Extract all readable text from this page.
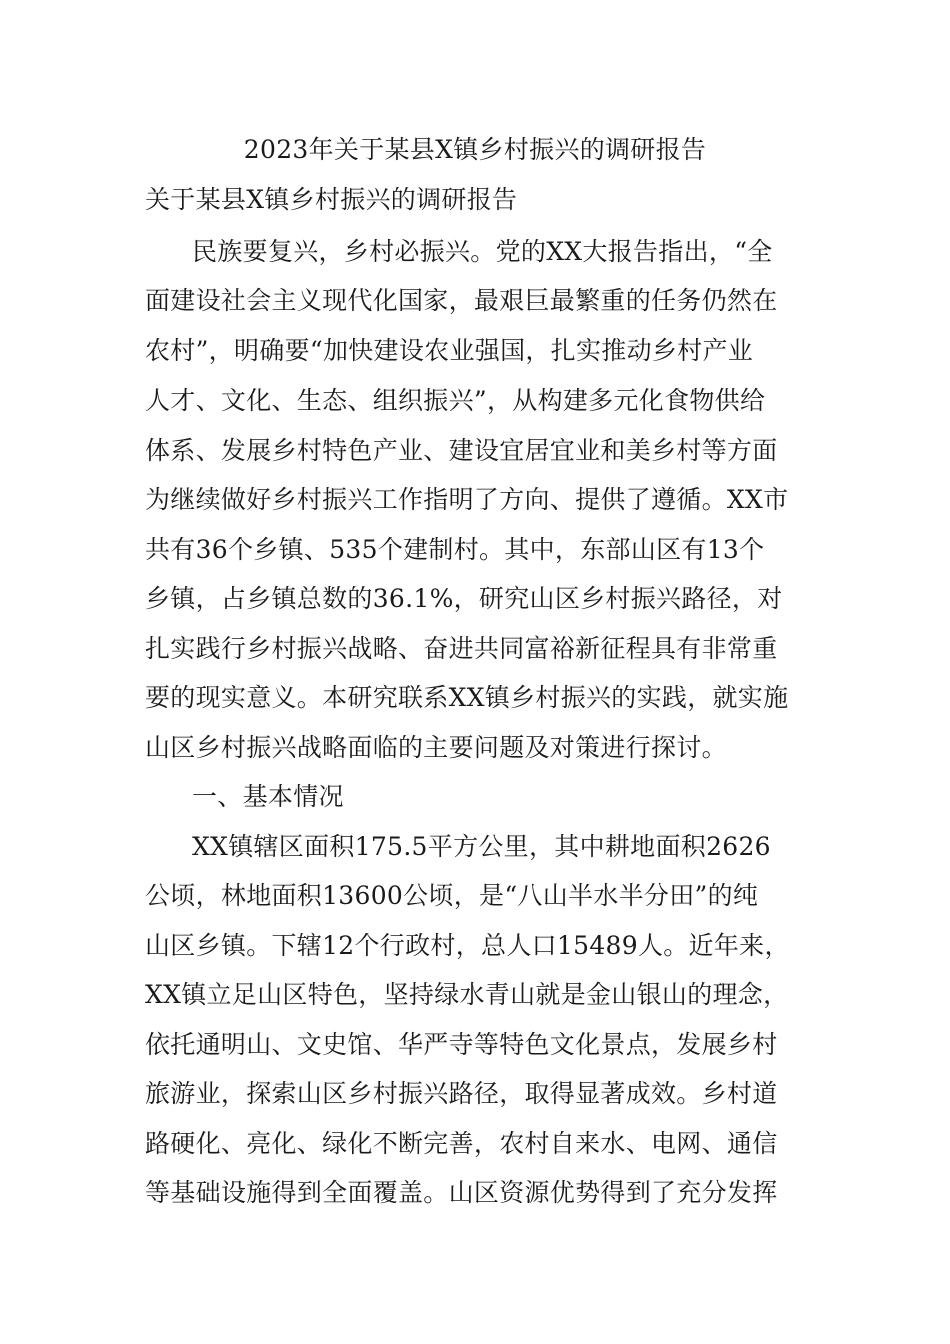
2023年关于某县X镇乡村振兴的调研报告
关于某县X镇乡村振兴的调研报告
民族要复兴，乡村必振兴。党的XX大报告指出，“全
面建设社会主义现代化国家，最艰巨最繁重的任务仍然在
农村”，明确要“加快建设农业强国，扎实推动乡村产业
人才、文化、生态、组织振兴”，从构建多元化食物供给
体系、发展乡村特色产业、建设宜居宜业和美乡村等方面
为继续做好乡村振兴工作指明了方向、提供了遵循。XX市
共有36个乡镇、535个建制村。其中，东部山区有13个
乡镇，占乡镇总数的36.1%，研究山区乡村振兴路径，对
扎实践行乡村振兴战略、奋进共同富裕新征程具有非常重
要的现实意义。本研究联系XX镇乡村振兴的实践，就实施
山区乡村振兴战略面临的主要问题及对策进行探讨。
一、基本情况
XX镇辖区面积175.5平方公里，其中耕地面积2626
公顷，林地面积13600公顷，是“八山半水半分田”的纯
山区乡镇。下辖12个行政村，总人口15489人。近年来，
XX镇立足山区特色，坚持绿水青山就是金山银山的理念，
依托通明山、文史馆、华严寺等特色文化景点，发展乡村
旅游业，探索山区乡村振兴路径，取得显著成效。乡村道
路硬化、亮化、绿化不断完善，农村自来水、电网、通信
等基础设施得到全面覆盖。山区资源优势得到了充分发挥
